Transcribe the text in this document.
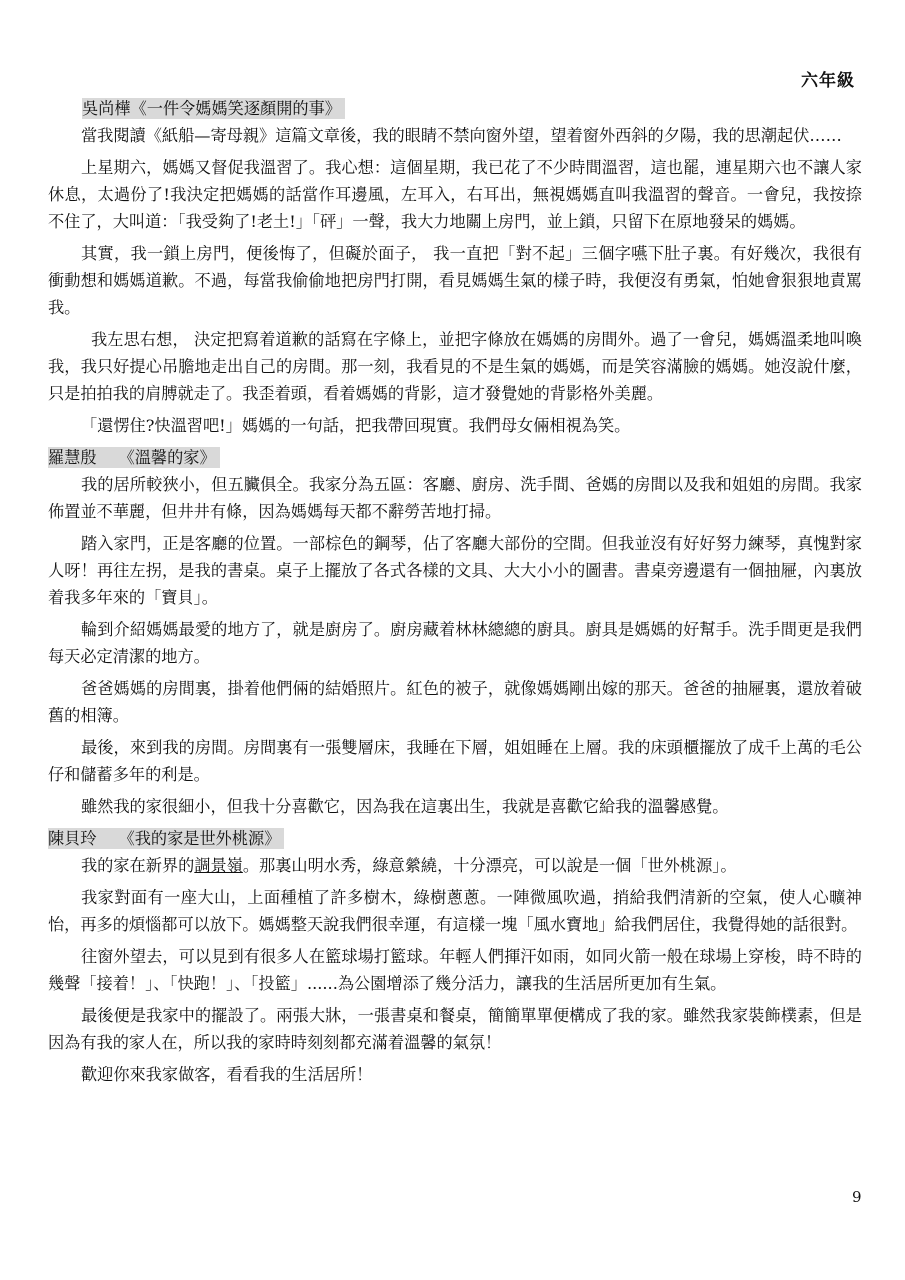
六年級
吳尚樺《一件令媽媽笑逐顏開的事》

當我閱讀《紙船—寄母親》這篇文章後，我的眼睛不禁向窗外望，望着窗外西斜的夕陽，我的思潮起伏……

上星期六，媽媽又督促我溫習了。我心想：這個星期，我已花了不少時間溫習，這也罷，連星期六也不讓人家休息，太過份了!我決定把媽媽的話當作耳邊風，左耳入，右耳出，無視媽媽直叫我溫習的聲音。一會兒，我按捺不住了，大叫道：「我受夠了!老土!」「砰」一聲，我大力地關上房門，並上鎖，只留下在原地發呆的媽媽。

其實，我一鎖上房門，便後悔了，但礙於面子， 我一直把「對不起」三個字嚥下肚子裏。有好幾次，我很有衝動想和媽媽道歉。不過，每當我偷偷地把房門打開，看見媽媽生氣的樣子時，我便沒有勇氣，怕她會狠狠地責罵我。

我左思右想， 決定把寫着道歉的話寫在字條上，並把字條放在媽媽的房間外。過了一會兒，媽媽溫柔地叫喚我，我只好提心吊膽地走出自己的房間。那一刻，我看見的不是生氣的媽媽，而是笑容滿臉的媽媽。她沒說什麼，只是拍拍我的肩膊就走了。我歪着頭，看着媽媽的背影，這才發覺她的背影格外美麗。

「還愣住?快溫習吧!」媽媽的一句話，把我帶回現實。我們母女倆相視為笑。

羅慧殷 《溫馨的家》

我的居所較狹小，但五臟俱全。我家分為五區：客廳、廚房、洗手間、爸媽的房間以及我和姐姐的房間。我家佈置並不華麗，但井井有條，因為媽媽每天都不辭勞苦地打掃。

踏入家門，正是客廳的位置。一部棕色的鋼琴，佔了客廳大部份的空間。但我並沒有好好努力練琴，真愧對家人呀！再往左拐，是我的書桌。桌子上擺放了各式各樣的文具、大大小小的圖書。書桌旁邊還有一個抽屜，內裏放着我多年來的「寶貝」。

輪到介紹媽媽最愛的地方了，就是廚房了。廚房藏着林林總總的廚具。廚具是媽媽的好幫手。洗手間更是我們每天必定清潔的地方。

爸爸媽媽的房間裏，掛着他們倆的結婚照片。紅色的被子，就像媽媽剛出嫁的那天。爸爸的抽屜裏，還放着破舊的相簿。

最後，來到我的房間。房間裏有一張雙層床，我睡在下層，姐姐睡在上層。我的床頭櫃擺放了成千上萬的毛公仔和儲蓄多年的利是。

雖然我的家很細小，但我十分喜歡它，因為我在這裏出生，我就是喜歡它給我的溫馨感覺。

陳貝玲 《我的家是世外桃源》

我的家在新界的調景嶺。那裏山明水秀，綠意縈繞，十分漂亮，可以說是一個「世外桃源」。

我家對面有一座大山，上面種植了許多樹木，綠樹蔥蔥。一陣微風吹過，捎給我們清新的空氣，使人心曠神怡，再多的煩惱都可以放下。媽媽整天說我們很幸運，有這樣一塊「風水寶地」給我們居住，我覺得她的話很對。

往窗外望去，可以見到有很多人在籃球場打籃球。年輕人們揮汗如雨，如同火箭一般在球場上穿梭，時不時的幾聲「接着！」、「快跑！」、「投籃」......為公園增添了幾分活力，讓我的生活居所更加有生氣。

最後便是我家中的擺設了。兩張大牀，一張書桌和餐桌，簡簡單單便構成了我的家。雖然我家裝飾樸素，但是因為有我的家人在，所以我的家時時刻刻都充滿着溫馨的氣氛！

歡迎你來我家做客，看看我的生活居所！

9
